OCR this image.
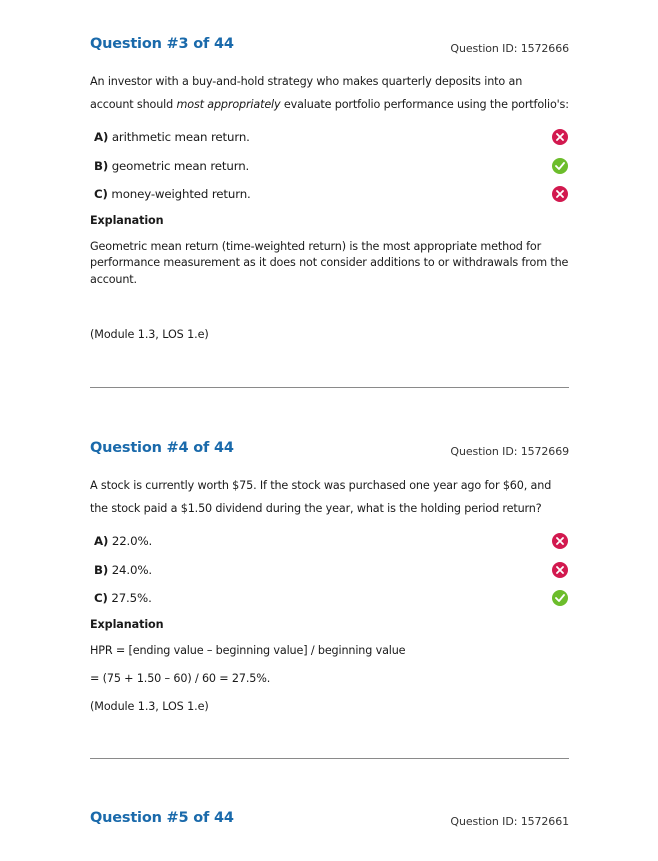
Question #3 of 44	Question ID: 1572666
An investor with a buy-and-hold strategy who makes quarterly deposits into an account should most appropriately evaluate portfolio performance using the portfolio's:
A) arithmetic mean return.
B) geometric mean return.
C) money-weighted return.
Explanation
Geometric mean return (time-weighted return) is the most appropriate method for performance measurement as it does not consider additions to or withdrawals from the account.
(Module 1.3, LOS 1.e)
Question #4 of 44	Question ID: 1572669
A stock is currently worth $75. If the stock was purchased one year ago for $60, and the stock paid a $1.50 dividend during the year, what is the holding period return?
A) 22.0%.
B) 24.0%.
C) 27.5%.
Explanation
HPR = [ending value – beginning value] / beginning value
= (75 + 1.50 – 60) / 60 = 27.5%.
(Module 1.3, LOS 1.e)
Question #5 of 44	Question ID: 1572661
